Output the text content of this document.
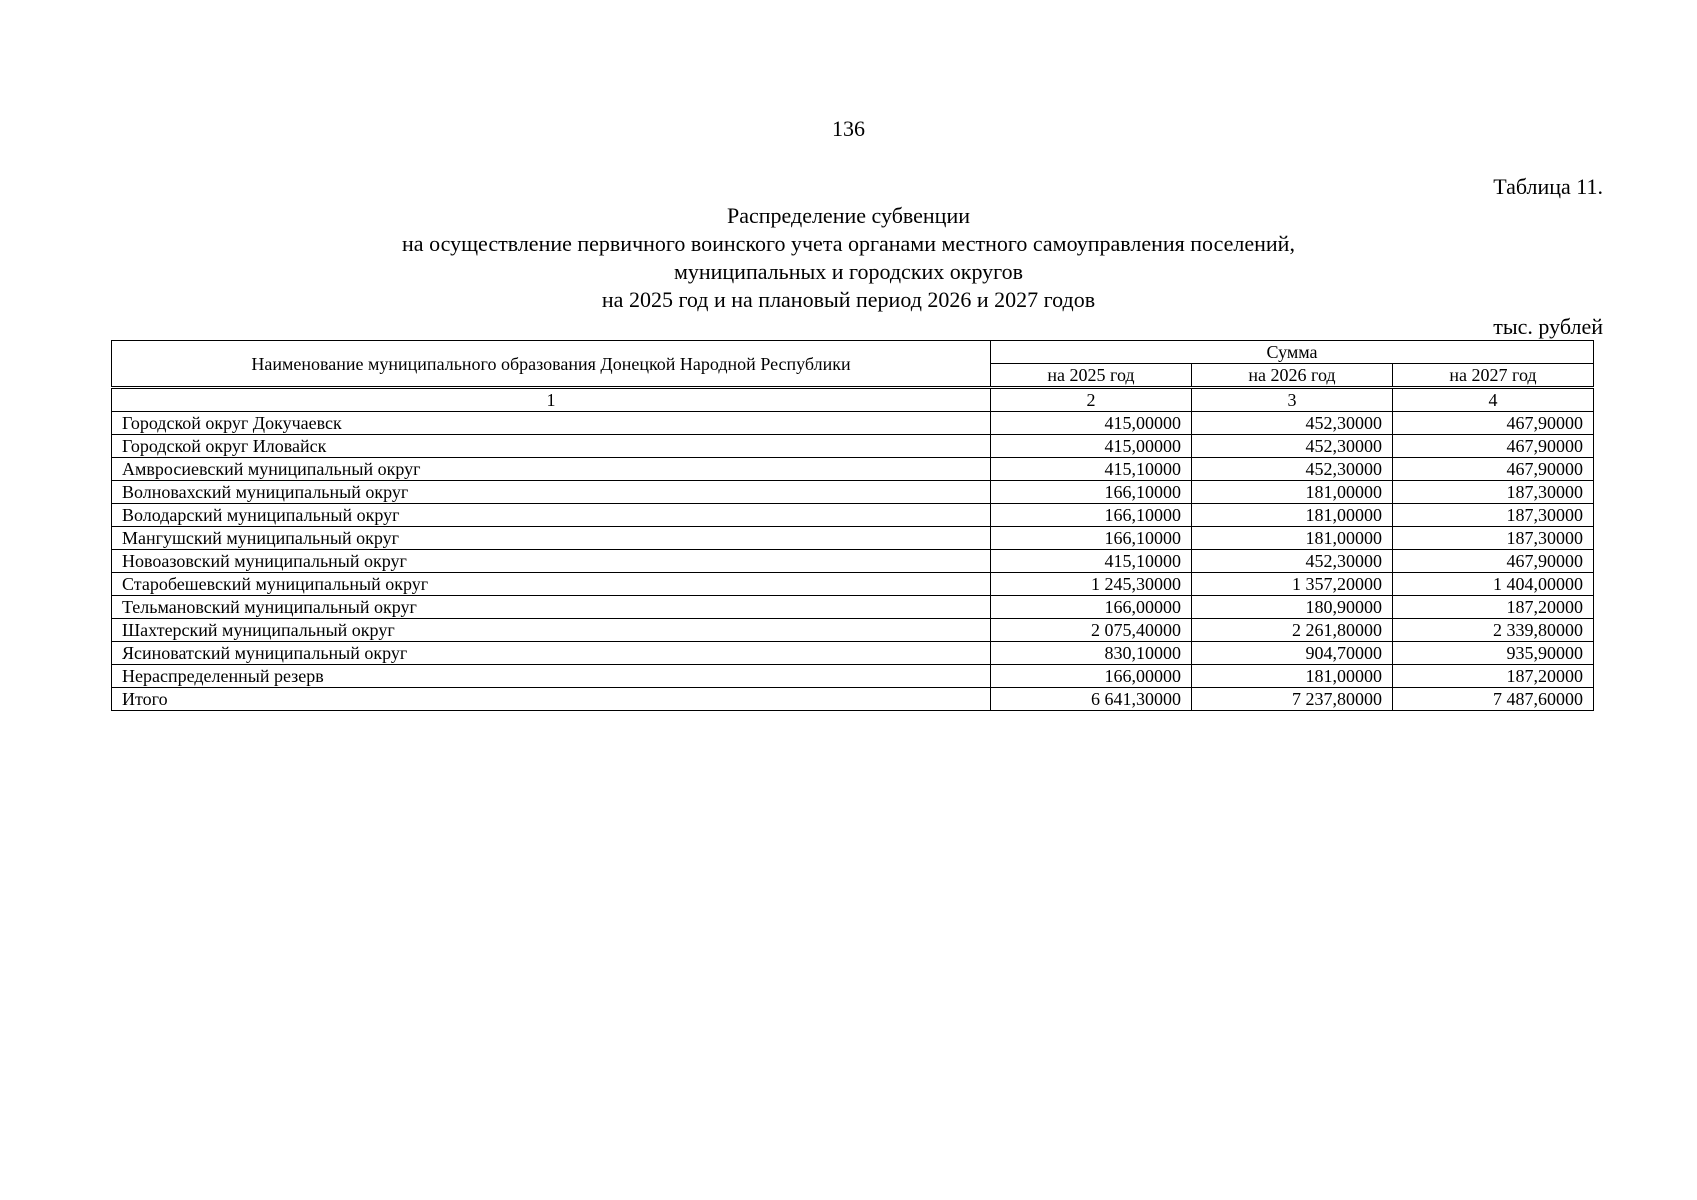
136
Таблица 11.
Распределение субвенции
на осуществление первичного воинского учета органами местного самоуправления поселений,
муниципальных и городских округов
на 2025 год и на плановый период 2026 и 2027 годов
тыс. рублей
Наименование муниципального образования Донецкой Народной Республики	Сумма		
	на 2025 год	на 2026 год	на 2027 год
1	2	3	4
Городской округ Докучаевск	415,00000	452,30000	467,90000
Городской округ Иловайск	415,00000	452,30000	467,90000
Амвросиевский муниципальный округ	415,10000	452,30000	467,90000
Волновахский муниципальный округ	166,10000	181,00000	187,30000
Володарский муниципальный округ	166,10000	181,00000	187,30000
Мангушский муниципальный округ	166,10000	181,00000	187,30000
Новоазовский муниципальный округ	415,10000	452,30000	467,90000
Старобешевский муниципальный округ	1 245,30000	1 357,20000	1 404,00000
Тельмановский муниципальный округ	166,00000	180,90000	187,20000
Шахтерский муниципальный округ	2 075,40000	2 261,80000	2 339,80000
Ясиноватский муниципальный округ	830,10000	904,70000	935,90000
Нераспределенный резерв	166,00000	181,00000	187,20000
Итого	6 641,30000	7 237,80000	7 487,60000
